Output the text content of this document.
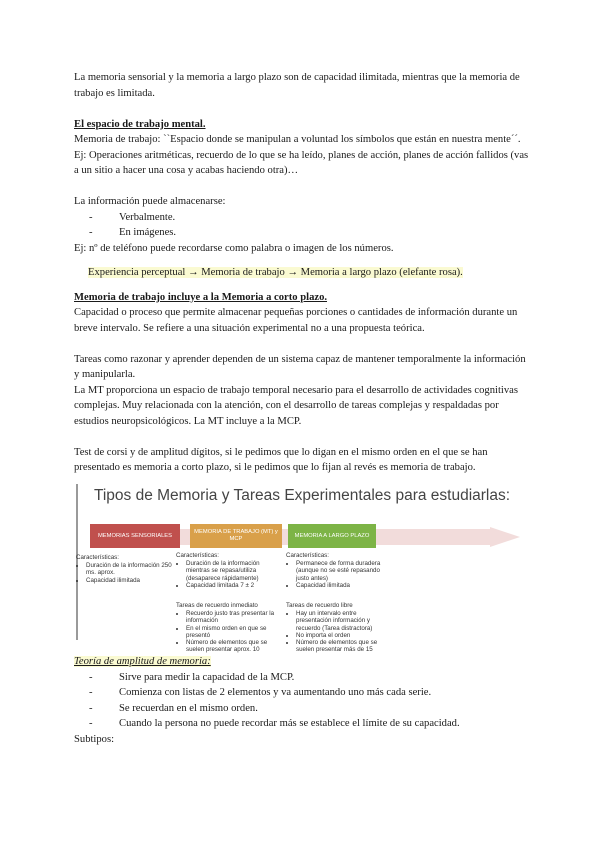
La memoria sensorial y la memoria a largo plazo son de capacidad ilimitada, mientras que la memoria de trabajo es limitada.

El espacio de trabajo mental.

Memoria de trabajo: ``Espacio donde se manipulan a voluntad los símbolos que están en nuestra mente´´. Ej: Operaciones aritméticas, recuerdo de lo que se ha leído, planes de acción, planes de acción fallidos (vas a un sitio a hacer una cosa y acabas haciendo otra)…

La información puede almacenarse:

- Verbalmente.
- En imágenes.

Ej: nº de teléfono puede recordarse como palabra o imagen de los números.

Experiencia perceptual → Memoria de trabajo → Memoria a largo plazo (elefante rosa).

Memoria de trabajo incluye a la Memoria a corto plazo.

Capacidad o proceso que permite almacenar pequeñas porciones o cantidades de información durante un breve intervalo. Se refiere a una situación experimental no a una propuesta teórica.

Tareas como razonar y aprender dependen de un sistema capaz de mantener temporalmente la información y manipularla.

La MT proporciona un espacio de trabajo temporal necesario para el desarrollo de actividades cognitivas complejas. Muy relacionada con la atención, con el desarrollo de tareas complejas y respaldadas por estudios neuropsicológicos. La MT incluye a la MCP.

Test de corsi y de amplitud dígitos, si le pedimos que lo digan en el mismo orden en el que se han presentado es memoria a corto plazo, si le pedimos que lo fijan al revés es memoria de trabajo.

Tipos de Memoria y Tareas Experimentales para estudiarlas:
MEMORIAS SENSORIALES
MEMORIA DE TRABAJO (MT) y MCP
MEMORIA A LARGO PLAZO
Características:
• Duración de la información 250 ms. aprox.
• Capacidad ilimitada
Características:
• Duración de la información mientras se repasa/utiliza (desaparece rápidamente)
• Capacidad limitada 7 ± 2
Características:
• Permanece de forma duradera (aunque no se esté repasando justo antes)
• Capacidad ilimitada
Tareas de recuerdo inmediato
• Recuerdo justo tras presentar la información
• En el mismo orden en que se presentó
• Número de elementos que se suelen presentar aprox. 10
Tareas de recuerdo libre
• Hay un intervalo entre presentación información y recuerdo (Tarea distractora)
• No importa el orden
• Número de elementos que se suelen presentar más de 15

Teoría de amplitud de memoria:

- Sirve para medir la capacidad de la MCP.
- Comienza con listas de 2 elementos y va aumentando uno más cada serie.
- Se recuerdan en el mismo orden.
- Cuando la persona no puede recordar más se establece el límite de su capacidad.

Subtipos:
